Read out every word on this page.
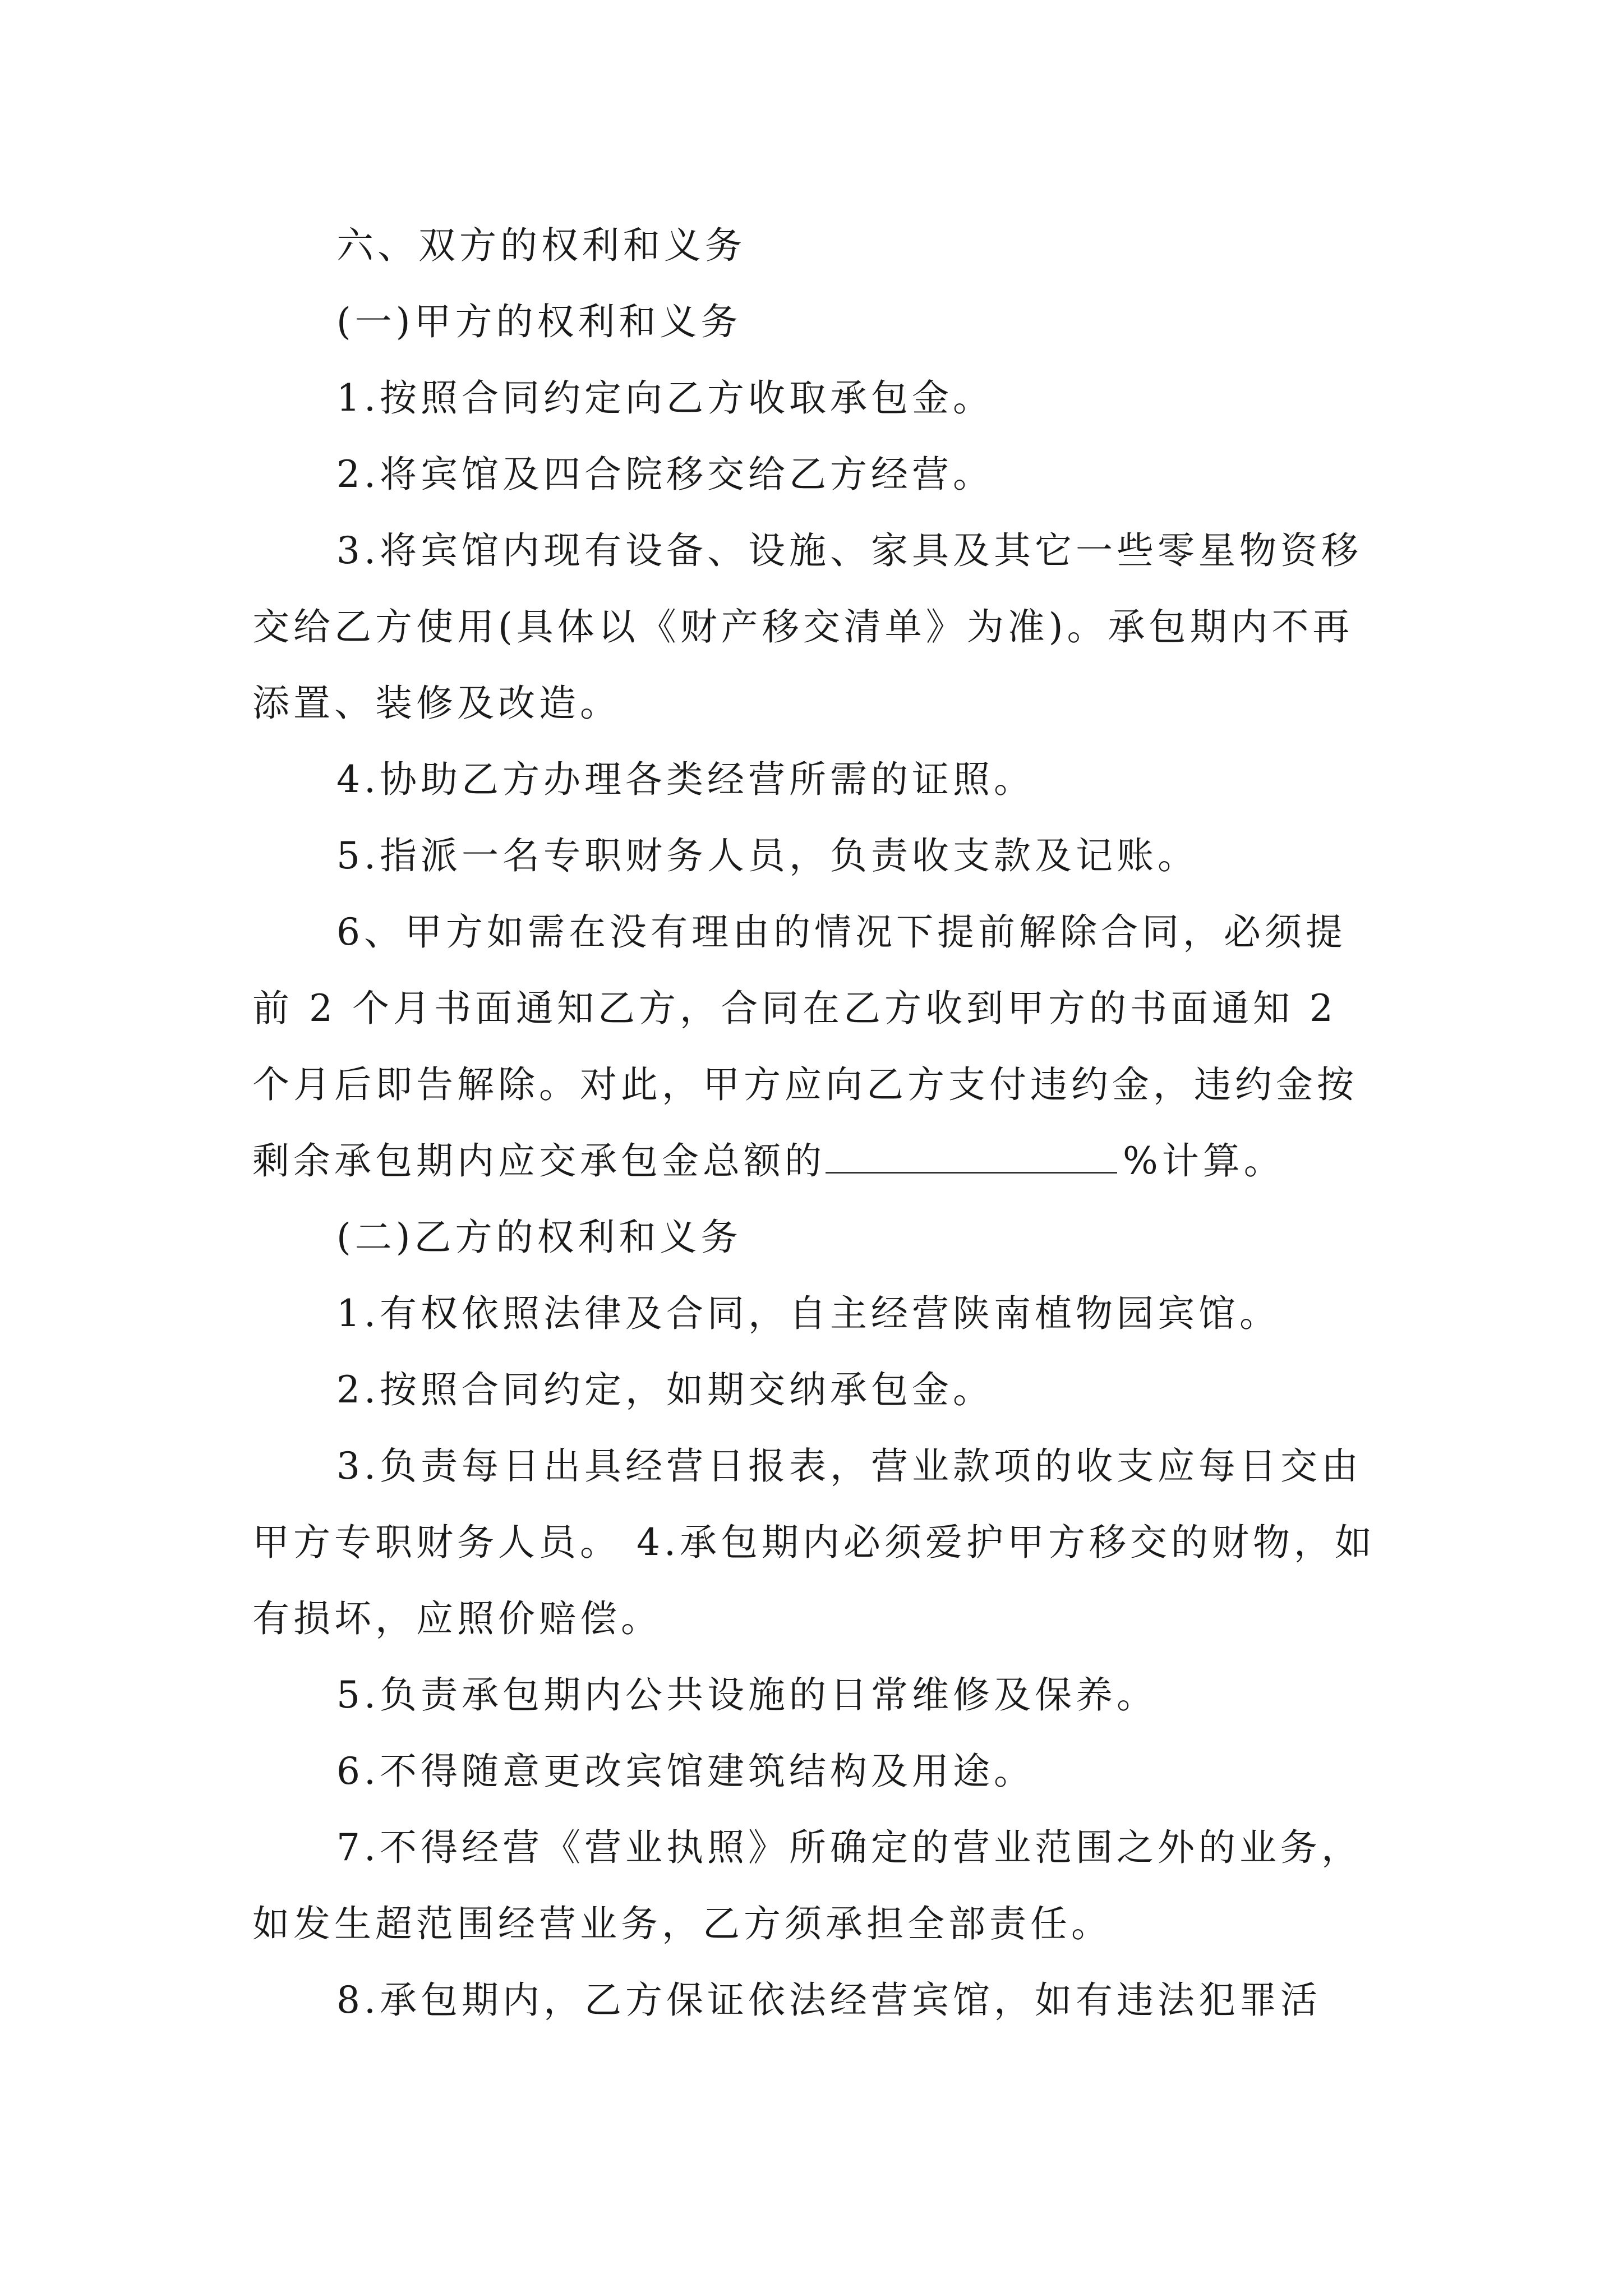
六、双方的权利和义务

(一)甲方的权利和义务

1.按照合同约定向乙方收取承包金。

2.将宾馆及四合院移交给乙方经营。

3.将宾馆内现有设备、设施、家具及其它一些零星物资移交给乙方使用(具体以《财产移交清单》为准)。承包期内不再添置、装修及改造。

4.协助乙方办理各类经营所需的证照。

5.指派一名专职财务人员，负责收支款及记账。

6、甲方如需在没有理由的情况下提前解除合同，必须提前 2 个月书面通知乙方，合同在乙方收到甲方的书面通知 2 个月后即告解除。对此，甲方应向乙方支付违约金，违约金按剩余承包期内应交承包金总额的	%计算。

(二)乙方的权利和义务

1.有权依照法律及合同，自主经营陕南植物园宾馆。

2.按照合同约定，如期交纳承包金。

3.负责每日出具经营日报表，营业款项的收支应每日交由甲方专职财务人员。 4.承包期内必须爱护甲方移交的财物，如有损坏，应照价赔偿。

5.负责承包期内公共设施的日常维修及保养。

6.不得随意更改宾馆建筑结构及用途。

7.不得经营《营业执照》所确定的营业范围之外的业务，如发生超范围经营业务，乙方须承担全部责任。

8.承包期内，乙方保证依法经营宾馆，如有违法犯罪活
